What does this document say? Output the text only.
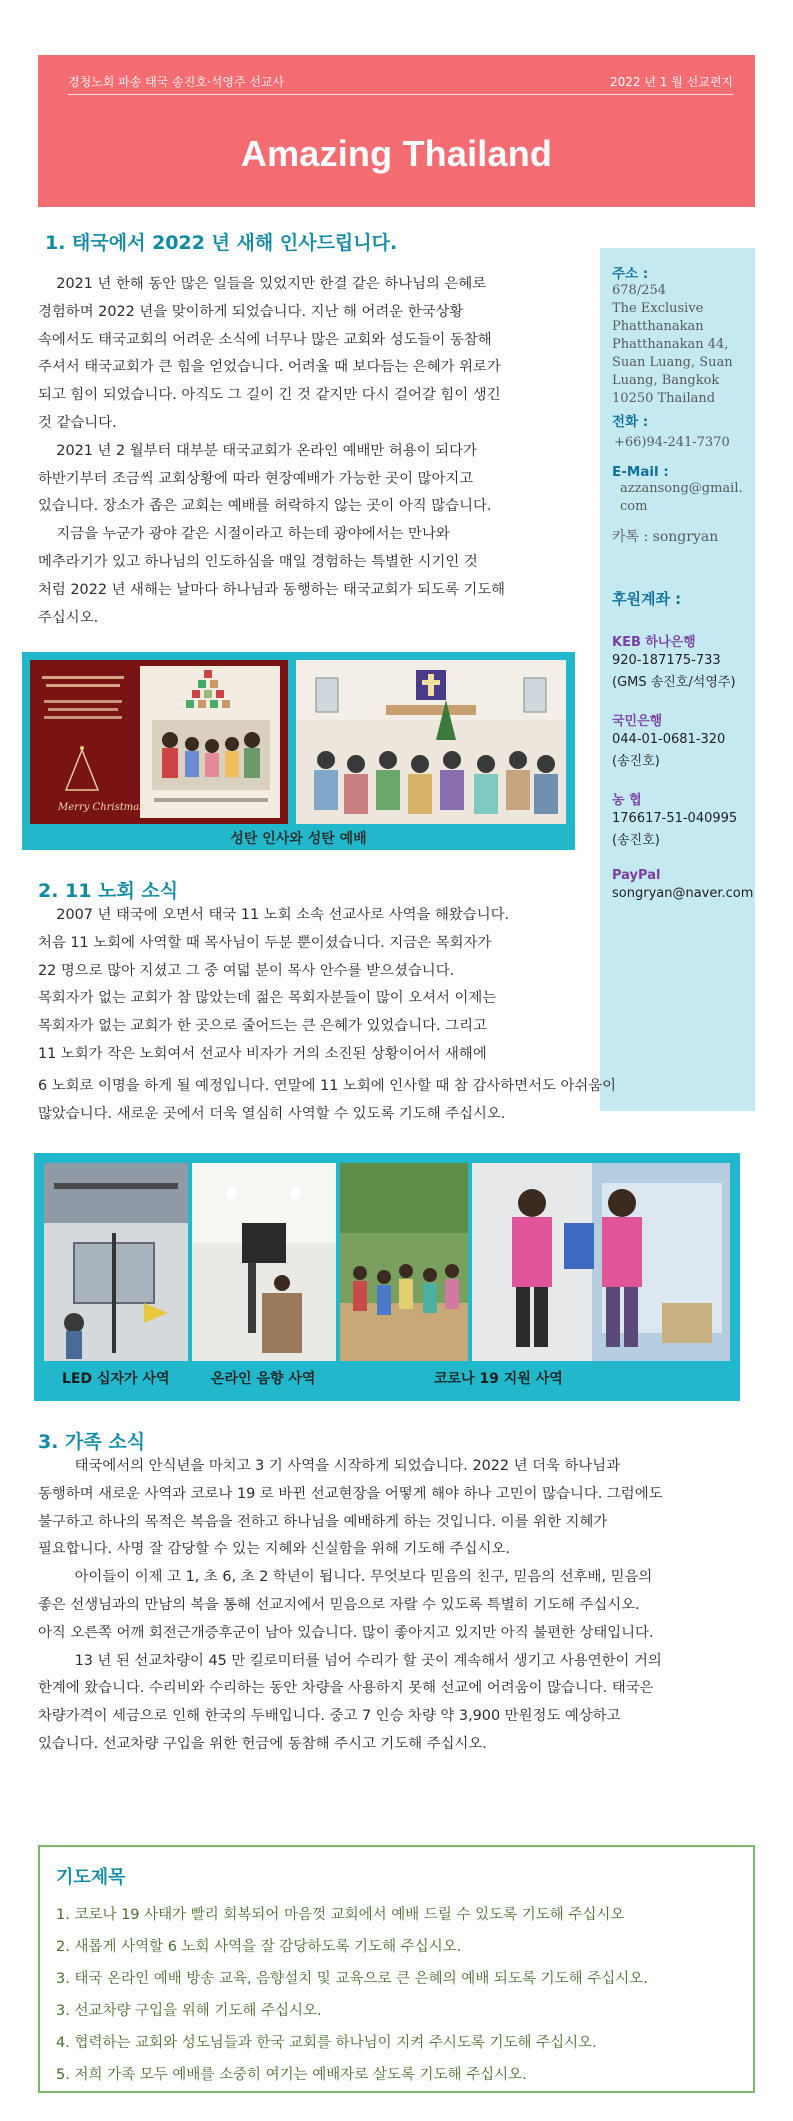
경청노회 파송 태국 송진호·석영주 선교사	2022 년 1 월 선교편지
Amazing Thailand
1. 태국에서 2022 년 새해 인사드립니다.

2021 년 한해 동안 많은 일들을 있었지만 한결 같은 하나님의 은혜로

경험하며 2022 년을 맞이하게 되었습니다. 지난 해 어려운 한국상황

속에서도 태국교회의 어려운 소식에 너무나 많은 교회와 성도들이 동참해

주셔서 태국교회가 큰 힘을 얻었습니다. 어려울 때 보다듬는 은혜가 위로가

되고 힘이 되었습니다. 아직도 그 길이 긴 것 같지만 다시 걸어갈 힘이 생긴

것 같습니다.

2021 년 2 월부터 대부분 태국교회가 온라인 예배만 허용이 되다가

하반기부터 조금씩 교회상황에 따라 현장예배가 가능한 곳이 많아지고

있습니다. 장소가 좁은 교회는 예배를 허락하지 않는 곳이 아직 많습니다.

지금을 누군가 광야 같은 시절이라고 하는데 광야에서는 만나와

메추라기가 있고 하나님의 인도하심을 매일 경험하는 특별한 시기인 것

처럼 2022 년 새해는 날마다 하나님과 동행하는 태국교회가 되도록 기도해

주십시오.

주소 :
678/254
The Exclusive
Phatthanakan
Phatthanakan 44,
Suan Luang, Suan
Luang, Bangkok
10250 Thailand
전화 :
+66)94-241-7370
E-Mail :
azzansong@gmail.
com
카톡 : songryan
후원계좌 :
KEB 하나은행
920-187175-733
(GMS 송진호/석영주)
국민은행
044-01-0681-320
(송진호)
농 협
176617-51-040995
(송진호)
PayPal
songryan@naver.com
Merry Christmas
성탄 인사와 성탄 예배
2. 11 노회 소식

2007 년 태국에 오면서 태국 11 노회 소속 선교사로 사역을 해왔습니다.

처음 11 노회에 사역할 때 목사님이 두분 뿐이셨습니다. 지금은 목회자가

22 명으로 많아 지셨고 그 중 여덟 분이 목사 안수를 받으셨습니다.

목회자가 없는 교회가 참 많았는데 젊은 목회자분들이 많이 오셔서 이제는

목회자가 없는 교회가 한 곳으로 줄어드는 큰 은혜가 있었습니다. 그리고

11 노회가 작은 노회여서 선교사 비자가 거의 소진된 상황이어서 새해에

6 노회로 이명을 하게 될 예정입니다. 연말에 11 노회에 인사할 때 참 감사하면서도 아쉬움이

많았습니다. 새로운 곳에서 더욱 열심히 사역할 수 있도록 기도해 주십시오.

LED 십자가 사역	온라인 음향 사역	코로나 19 지원 사역
3. 가족 소식

태국에서의 안식년을 마치고 3 기 사역을 시작하게 되었습니다. 2022 년 더욱 하나님과

동행하며 새로운 사역과 코로나 19 로 바뀐 선교현장을 어떻게 해야 하나 고민이 많습니다. 그럼에도

불구하고 하나의 목적은 복음을 전하고 하나님을 예배하게 하는 것입니다. 이를 위한 지혜가

필요합니다. 사명 잘 감당할 수 있는 지혜와 신실함을 위해 기도해 주십시오.

아이들이 이제 고 1, 초 6, 초 2 학년이 됩니다. 무엇보다 믿음의 친구, 믿음의 선후배, 믿음의

좋은 선생님과의 만남의 복을 통해 선교지에서 믿음으로 자랄 수 있도록 특별히 기도해 주십시오.

아직 오른쪽 어깨 회전근개증후군이 남아 있습니다. 많이 좋아지고 있지만 아직 불편한 상태입니다.

13 년 된 선교차량이 45 만 킬로미터를 넘어 수리가 할 곳이 계속해서 생기고 사용연한이 거의

한계에 왔습니다. 수리비와 수리하는 동안 차량을 사용하지 못해 선교에 어려움이 많습니다. 태국은

차량가격이 세금으로 인해 한국의 두배입니다. 중고 7 인승 차량 약 3,900 만원정도 예상하고

있습니다. 선교차량 구입을 위한 헌금에 동참해 주시고 기도해 주십시오.

기도제목
1. 코로나 19 사태가 빨리 회복되어 마음껏 교회에서 예배 드릴 수 있도록 기도해 주십시오
2. 새롭게 사역할 6 노회 사역을 잘 감당하도록 기도해 주십시오.
3. 태국 온라인 예배 방송 교육, 음향설치 및 교육으로 큰 은혜의 예배 되도록 기도해 주십시오.
3. 선교차량 구입을 위해 기도해 주십시오.
4. 협력하는 교회와 성도님들과 한국 교회를 하나님이 지켜 주시도록 기도해 주십시오.
5. 저희 가족 모두 예배를 소중히 여기는 예배자로 살도록 기도해 주십시오.
